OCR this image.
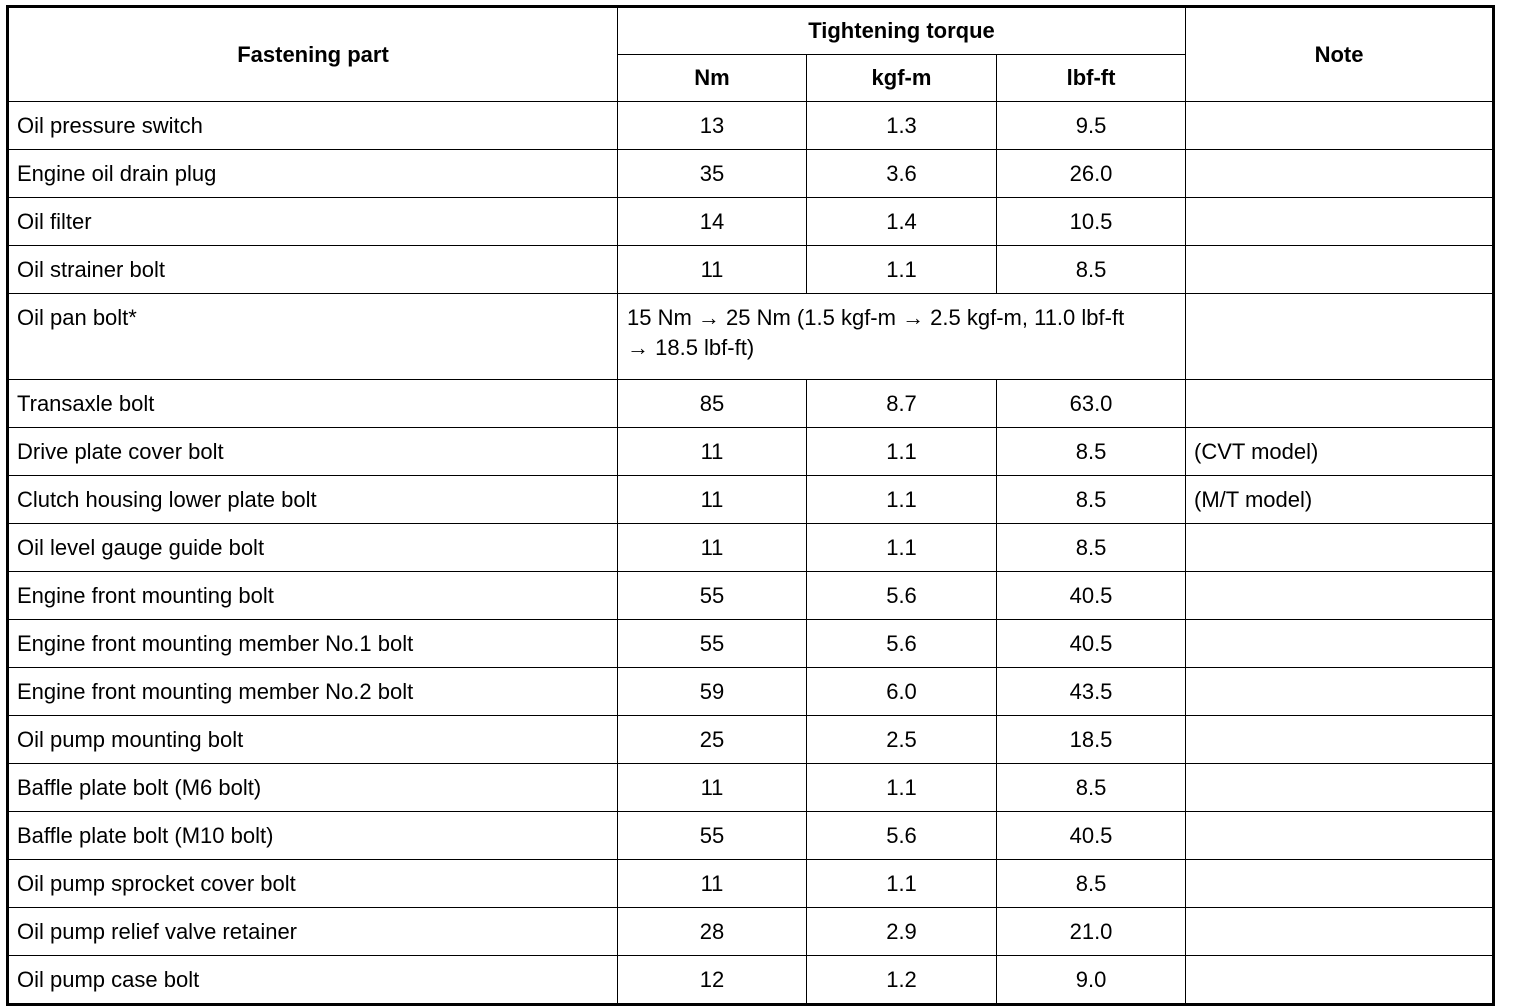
Fastening part	Tightening torque			Note
	Nm	kgf-m	lbf-ft	
Oil pressure switch	13	1.3	9.5	
Engine oil drain plug	35	3.6	26.0	
Oil filter	14	1.4	10.5	
Oil strainer bolt	11	1.1	8.5	
Oil pan bolt*	15 Nm → 25 Nm (1.5 kgf-m → 2.5 kgf-m, 11.0 lbf-ft → 18.5 lbf-ft)			
Transaxle bolt	85	8.7	63.0	
Drive plate cover bolt	11	1.1	8.5	(CVT model)
Clutch housing lower plate bolt	11	1.1	8.5	(M/T model)
Oil level gauge guide bolt	11	1.1	8.5	
Engine front mounting bolt	55	5.6	40.5	
Engine front mounting member No.1 bolt	55	5.6	40.5	
Engine front mounting member No.2 bolt	59	6.0	43.5	
Oil pump mounting bolt	25	2.5	18.5	
Baffle plate bolt (M6 bolt)	11	1.1	8.5	
Baffle plate bolt (M10 bolt)	55	5.6	40.5	
Oil pump sprocket cover bolt	11	1.1	8.5	
Oil pump relief valve retainer	28	2.9	21.0	
Oil pump case bolt	12	1.2	9.0	
